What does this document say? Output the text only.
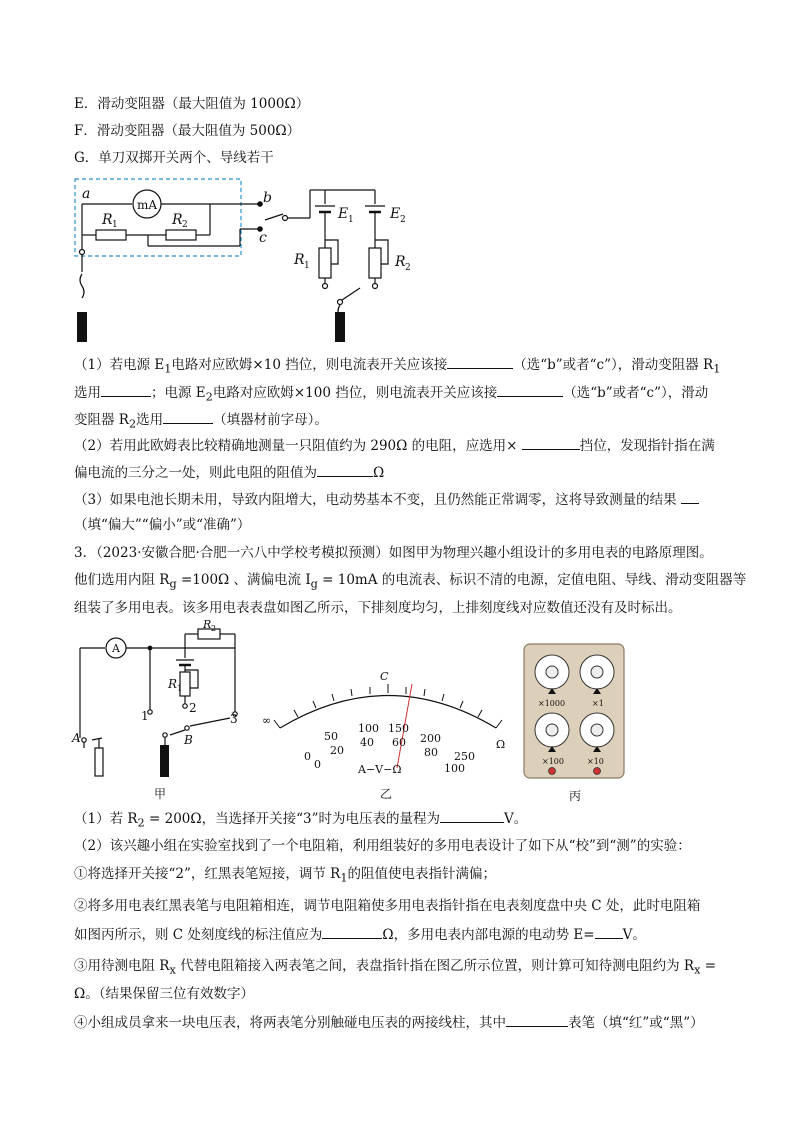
E．滑动变阻器（最大阻值为 1000Ω）
F．滑动变阻器（最大阻值为 500Ω）
G．单刀双掷开关两个、导线若干
a
mA	b
c
R 1	R 2
E 1	E 2
R 1	R 2
（1）若电源 $E_1$电路对应欧姆×10 挡位，则电流表开关应该接	（选“b”或者“c”），滑动变阻器 $R_1$
选用	；电源 $E_2$电路对应欧姆×100 挡位，则电流表开关应该接	（选“b”或者“c”），滑动
变阻器 $R_2$选用	（填器材前字母）。
（2）若用此欧姆表比较精确地测量一只阻值约为 290Ω 的电阻，应选用×	挡位，发现指针指在满
偏电流的三分之一处，则此电阻的阻值为	Ω
（3）如果电池长期未用，导致内阻增大，电动势基本不变，且仍然能正常调零，这将导致测量的结果
（填“偏大”“偏小”或“准确”）
3．（2023·安徽合肥·合肥一六八中学校考模拟预测）如图甲为物理兴趣小组设计的多用电表的电路原理图。
他们选用内阻 $R_g =100\Omega$ 、满偏电流 $I_g = 10mA$ 的电流表、标识不清的电源，定值电阻、导线、滑动变阻器等
组装了多用电表。该多用电表表盘如图乙所示，下排刻度均匀，上排刻度线对应数值还没有及时标出。
A
R 2
R 1
1
2
3
A	B
甲
∞
C
Ω
100 150
200
250
50
0
0
20
40 60
80
100
A−V−Ω
乙
×1000	×1
×100	×10
丙
（1）若 $R_2 = 200\Omega$，当选择开关接“3”时为电压表的量程为	V。
（2）该兴趣小组在实验室找到了一个电阻箱，利用组装好的多用电表设计了如下从“校”到“测”的实验：
①将选择开关接“2”，红黑表笔短接，调节 $R_1$的阻值使电表指针满偏；
②将多用电表红黑表笔与电阻箱相连，调节电阻箱使多用电表指针指在电表刻度盘中央 C 处，此时电阻箱
如图丙所示，则 C 处刻度线的标注值应为	Ω，多用电表内部电源的电动势 E= V。
③用待测电阻 $R_x$ 代替电阻箱接入两表笔之间，表盘指针指在图乙所示位置，则计算可知待测电阻约为 $R_x$ =
Ω。（结果保留三位有效数字）
④小组成员拿来一块电压表，将两表笔分别触碰电压表的两接线柱，其中	表笔（填“红”或“黑”）
